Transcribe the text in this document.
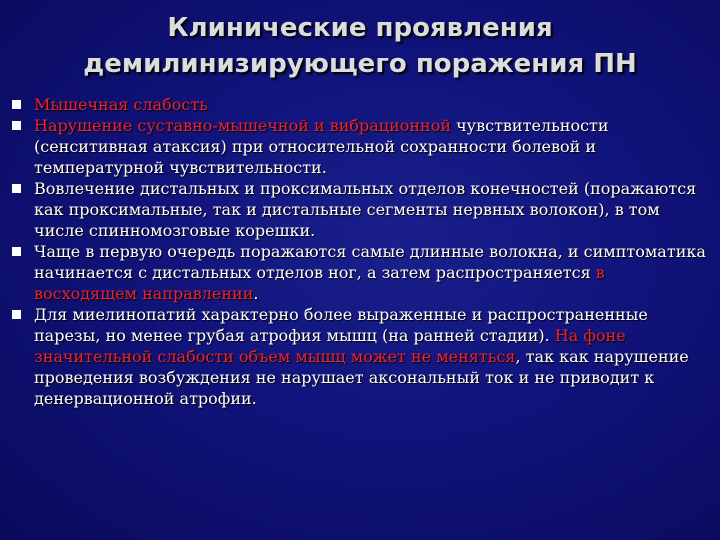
Клинические проявления
демилинизирующего поражения ПН
Мышечная слабость
Нарушение суставно-мышечной и вибрационной чувствительности (сенситивная атаксия) при относительной сохранности болевой и температурной чувствительности.
Вовлечение дистальных и проксимальных отделов конечностей (поражаются как проксимальные, так и дистальные сегменты нервных волокон), в том числе спинномозговые корешки.
Чаще в первую очередь поражаются самые длинные волокна, и симптоматика начинается с дистальных отделов ног, а затем распространяется в восходящем направлении.
Для миелинопатий характерно более выраженные и распространенные парезы, но менее грубая атрофия мышц (на ранней стадии). На фоне значительной слабости объем мышц может не меняться, так как нарушение проведения возбуждения не нарушает аксональный ток и не приводит к денервационной атрофии.
